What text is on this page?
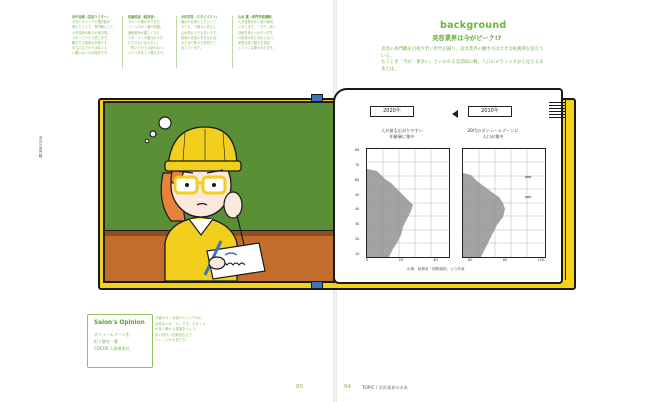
田中里緒（美容ライター）
女性のキャリアの選択肢が
増えたことで、専門職として
の美容師の魅力が相対的に
下がっていると感じます。
働き方の改善が急務です。
求人広告だけでは若い人
に響かないのが現状です。
佐藤悠真（経営者）
サロンの数が多すぎる、
というのが一番の問題。
価格競争が激しくなり、
スタッフへの還元が十分
にできない店も多い。
「思いだけでは続かない」
という声をよく聞きます。
木村彩花（スタイリスト）
憧れの仕事として入って
きても、下積みの長さに
心が折れる子も多いです。
教育の仕組みを変えれば
まだまだ伸びる業界だと
信じています。
山本 翼（専門学校講師）
入学者数は年々減少傾向
にあります。一方で、高い
技術を身につけたい学生
の熱意は昔と変わらない。
業界全体で魅力を発信
していく必要があります。
background
美容業界は今がピーク!?
美容の専門職を目指す若い世代が減り、美容業界の働き方は大きな転換期を迎えている。
もうじき「今が一番多い」といわれる美容師の数。人口のピラミッドから見える未来とは。
美容の専門職
2020年	2010年
人が最も広がりやすい
年齢層に集中
20代のボリュームゾーンに
人口が集中
0	20	40	60	80	100
80
70
60
50
40
30
20
10
出典：総務省「国勢調査」より作成
Salon's Opinion
ボリュームゾーンを
担う層を一番
COCOS 石原康男氏
今後サロンを続けていくために
必要なのは「人」です。スタッフ
が長く働ける環境をつくり、
次の世代へ技術を伝えて
いくことが大切です。
85	84	TOPIC / 美容業界の未来
